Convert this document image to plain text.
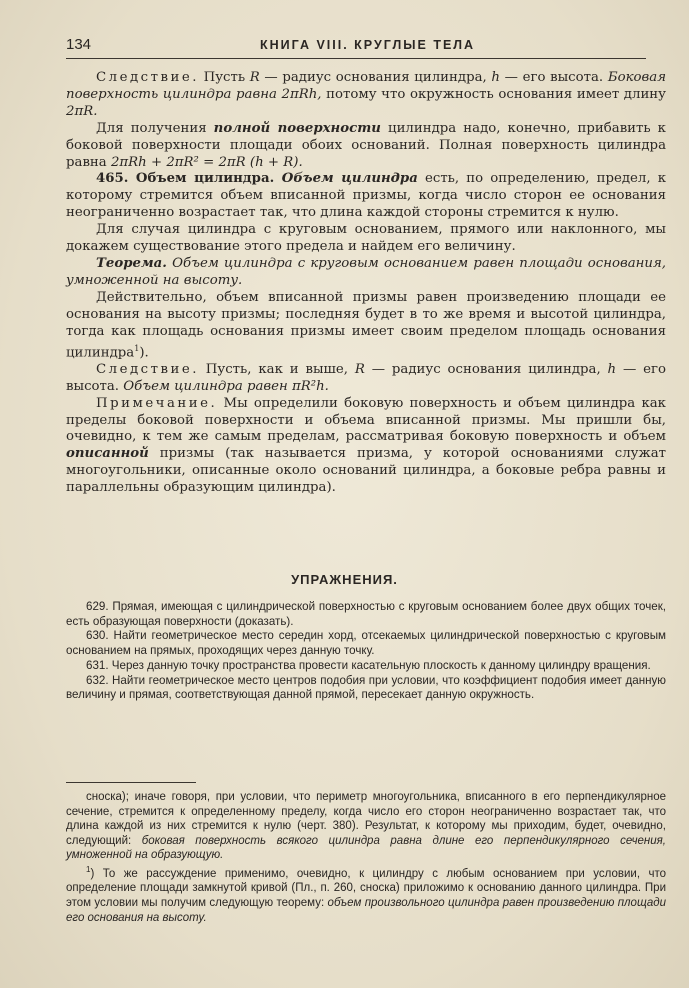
134	КНИГА VIII. КРУГЛЫЕ ТЕЛА

Следствие. Пусть R — радиус основания цилиндра, h — его высота. Боковая поверхность цилиндра равна 2πRh, потому что окружность основания имеет длину 2πR.

Для получения полной поверхности цилиндра надо, конечно, прибавить к боковой поверхности площади обоих оснований. Полная поверхность цилиндра равна 2πRh + 2πR² = 2πR (h + R).

465. Объем цилиндра. Объем цилиндра есть, по определению, предел, к которому стремится объем вписанной призмы, когда число сторон ее основания неограниченно возрастает так, что длина каждой стороны стремится к нулю.

Для случая цилиндра с круговым основанием, прямого или наклонного, мы докажем существование этого предела и найдем его величину.

Теорема. Объем цилиндра с круговым основанием равен площади основания, умноженной на высоту.

Действительно, объем вписанной призмы равен произведению площади ее основания на высоту призмы; последняя будет в то же время и высотой цилиндра, тогда как площадь основания призмы имеет своим пределом площадь основания цилиндра$^1$).

Следствие. Пусть, как и выше, R — радиус основания цилиндра, h — его высота. Объем цилиндра равен πR²h.

Примечание. Мы определили боковую поверхность и объем цилиндра как пределы боковой поверхности и объема вписанной призмы. Мы пришли бы, очевидно, к тем же самым пределам, рассматривая боковую поверхность и объем описанной призмы (так называется призма, у которой основаниями служат многоугольники, описанные около оснований цилиндра, а боковые ребра равны и параллельны образующим цилиндра).

УПРАЖНЕНИЯ.

629. Прямая, имеющая с цилиндрической поверхностью с круговым основанием более двух общих точек, есть образующая поверхности (доказать).

630. Найти геометрическое место середин хорд, отсекаемых цилиндрической поверхностью с круговым основанием на прямых, проходящих через данную точку.

631. Через данную точку пространства провести касательную плоскость к данному цилиндру вращения.

632. Найти геометрическое место центров подобия при условии, что коэффициент подобия имеет данную величину и прямая, соответствующая данной прямой, пересекает данную окружность.

сноска); иначе говоря, при условии, что периметр многоугольника, вписанного в его перпендикулярное сечение, стремится к определенному пределу, когда число его сторон неограниченно возрастает так, что длина каждой из них стремится к нулю (черт. 380). Результат, к которому мы приходим, будет, очевидно, следующий: боковая поверхность всякого цилиндра равна длине его перпендикулярного сечения, умноженной на образующую.

$^1$) То же рассуждение применимо, очевидно, к цилиндру с любым основанием при условии, что определение площади замкнутой кривой (Пл., п. 260, сноска) приложимо к основанию данного цилиндра. При этом условии мы получим следующую теорему: объем произвольного цилиндра равен произведению площади его основания на высоту.
